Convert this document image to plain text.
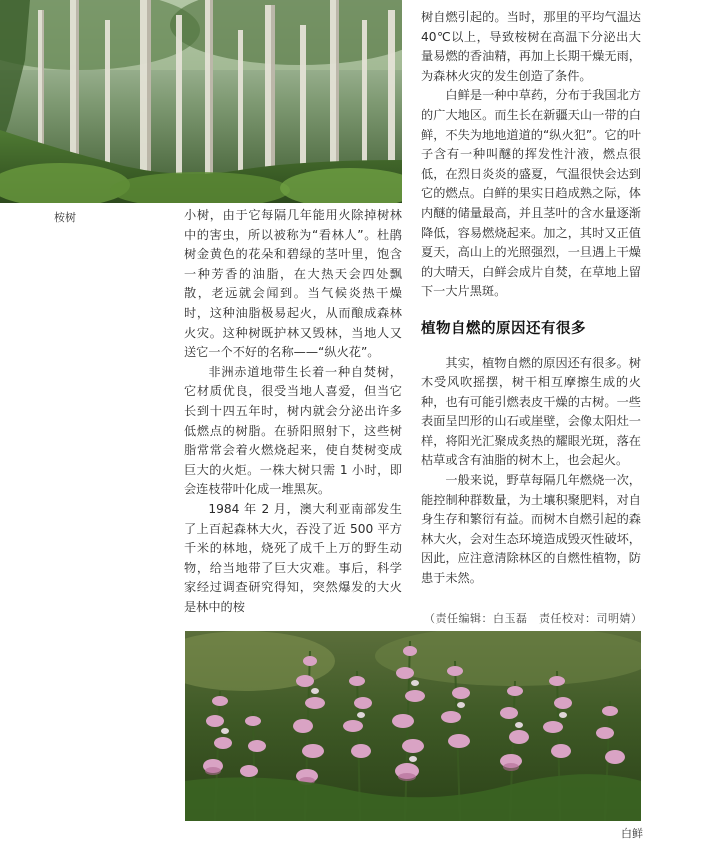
桉树	小树，由于它每隔几年能用火除掉树林中的害虫，所以被称为“看林人”。杜鹃树金黄色的花朵和碧绿的茎叶里，饱含一种芳香的油脂，在大热天会四处飘散，老远就会闻到。当气候炎热干燥时，这种油脂极易起火，从而酿成森林火灾。这种树既护林又毁林，当地人又送它一个不好的名称——“纵火花”。

非洲赤道地带生长着一种自焚树，它材质优良，很受当地人喜爱，但当它长到十四五年时，树内就会分泌出许多低燃点的树脂。在骄阳照射下，这些树脂常常会着火燃烧起来，使自焚树变成巨大的火炬。一株大树只需 1 小时，即会连枝带叶化成一堆黑灰。

1984 年 2 月，澳大利亚南部发生了上百起森林大火，吞没了近 500 平方千米的林地，烧死了成千上万的野生动物，给当地带了巨大灾难。事后，科学家经过调查研究得知，突然爆发的大火是林中的桉

树自燃引起的。当时，那里的平均气温达 40℃以上，导致桉树在高温下分泌出大量易燃的香油精，再加上长期干燥无雨，为森林火灾的发生创造了条件。

白鲜是一种中草药，分布于我国北方的广大地区。而生长在新疆天山一带的白鲜，不失为地地道道的“纵火犯”。它的叶子含有一种叫醚的挥发性汁液，燃点很低，在烈日炎炎的盛夏，气温很快会达到它的燃点。白鲜的果实日趋成熟之际，体内醚的储量最高，并且茎叶的含水量逐渐降低，容易燃烧起来。加之，其时又正值夏天，高山上的光照强烈，一旦遇上干燥的大晴天，白鲜会成片自焚，在草地上留下一大片黑斑。

植物自燃的原因还有很多

其实，植物自燃的原因还有很多。树木受风吹摇摆，树干相互摩擦生成的火种，也有可能引燃表皮干燥的古树。一些表面呈凹形的山石或崖壁，会像太阳灶一样，将阳光汇聚成炙热的耀眼光斑，落在枯草或含有油脂的树木上，也会起火。

一般来说，野草每隔几年燃烧一次，能控制种群数量，为土壤积聚肥料，对自身生存和繁衍有益。而树木自燃引起的森林大火，会对生态环境造成毁灭性破坏，因此，应注意清除林区的自燃性植物，防患于未然。

（责任编辑：白玉磊　责任校对：司明婧）
白鲜
